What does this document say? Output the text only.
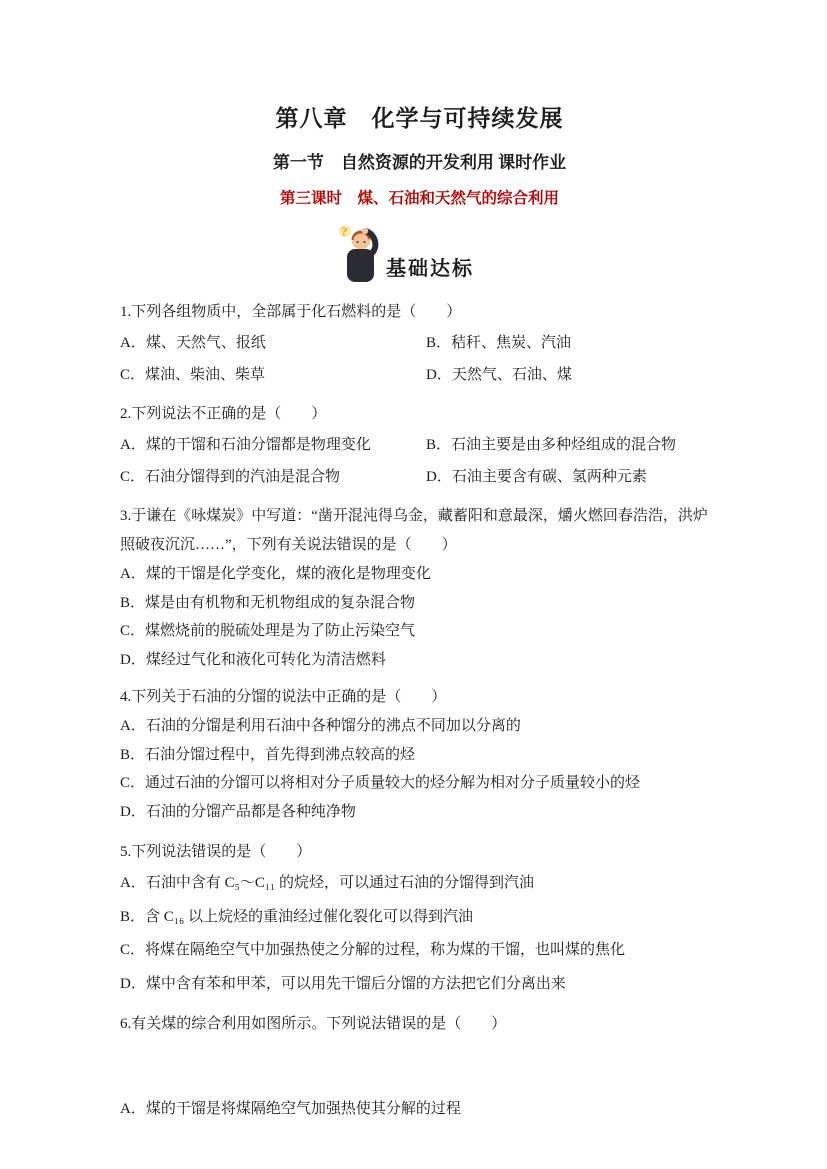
第八章　化学与可持续发展
第一节　自然资源的开发利用 课时作业
第三课时　煤、石油和天然气的综合利用
?
基础达标

1.下列各组物质中，全部属于化石燃料的是（　　）

A．煤、天然气、报纸	B．秸秆、焦炭、汽油
C．煤油、柴油、柴草	D．天然气、石油、煤

2.下列说法不正确的是（　　）

A．煤的干馏和石油分馏都是物理变化	B．石油主要是由多种烃组成的混合物
C．石油分馏得到的汽油是混合物	D．石油主要含有碳、氢两种元素

3.于谦在《咏煤炭》中写道：“凿开混沌得乌金，藏蓄阳和意最深，爝火燃回春浩浩，洪炉照破夜沉沉……”，下列有关说法错误的是（　　）

A．煤的干馏是化学变化，煤的液化是物理变化
B．煤是由有机物和无机物组成的复杂混合物
C．煤燃烧前的脱硫处理是为了防止污染空气
D．煤经过气化和液化可转化为清洁燃料

4.下列关于石油的分馏的说法中正确的是（　　）

A．石油的分馏是利用石油中各种馏分的沸点不同加以分离的
B．石油分馏过程中，首先得到沸点较高的烃
C．通过石油的分馏可以将相对分子质量较大的烃分解为相对分子质量较小的烃
D．石油的分馏产品都是各种纯净物

5.下列说法错误的是（　　）

A．石油中含有 C₅～C₁₁ 的烷烃，可以通过石油的分馏得到汽油
B．含 C₁₆ 以上烷烃的重油经过催化裂化可以得到汽油
C．将煤在隔绝空气中加强热使之分解的过程，称为煤的干馏，也叫煤的焦化
D．煤中含有苯和甲苯，可以用先干馏后分馏的方法把它们分离出来

6.有关煤的综合利用如图所示。下列说法错误的是（　　）

A．煤的干馏是将煤隔绝空气加强热使其分解的过程
